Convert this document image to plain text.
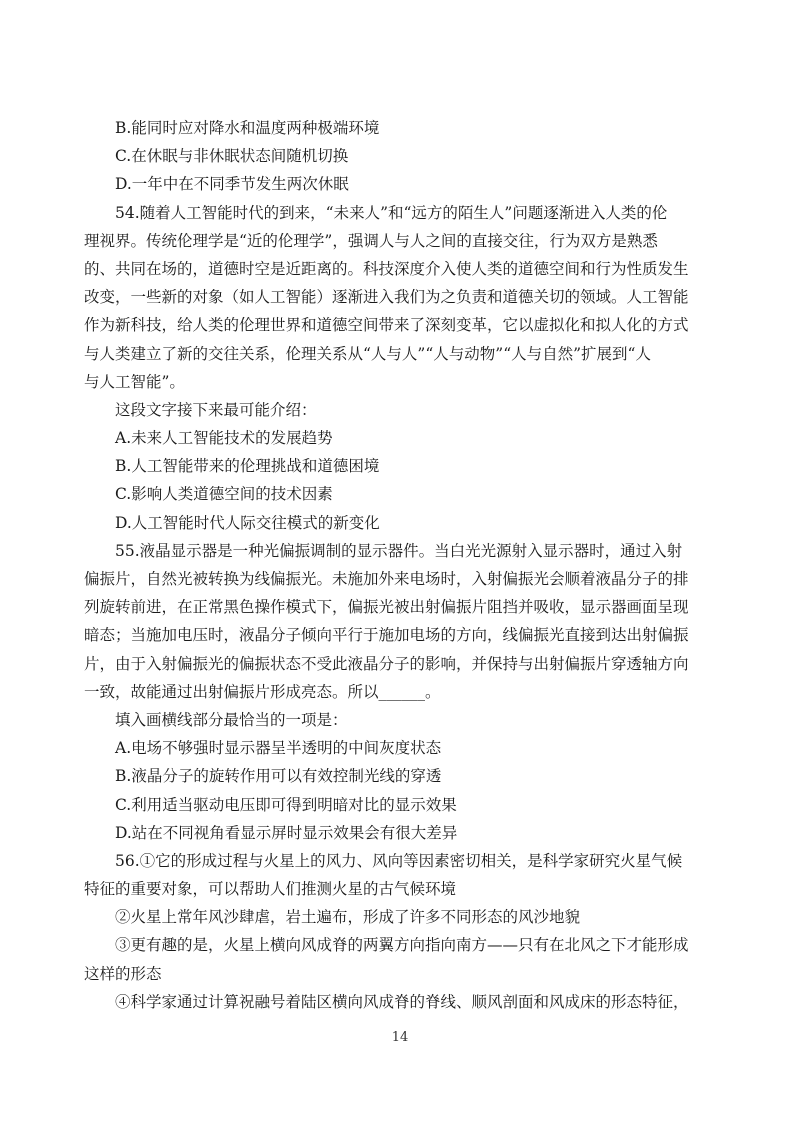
B.能同时应对降水和温度两种极端环境
C.在休眠与非休眠状态间随机切换
D.一年中在不同季节发生两次休眠
54.随着人工智能时代的到来，“未来人”和“远方的陌生人”问题逐渐进入人类的伦
理视界。传统伦理学是“近的伦理学”，强调人与人之间的直接交往，行为双方是熟悉
的、共同在场的，道德时空是近距离的。科技深度介入使人类的道德空间和行为性质发生
改变，一些新的对象（如人工智能）逐渐进入我们为之负责和道德关切的领域。人工智能
作为新科技，给人类的伦理世界和道德空间带来了深刻变革，它以虚拟化和拟人化的方式
与人类建立了新的交往关系，伦理关系从“人与人”“人与动物”“人与自然”扩展到“人
与人工智能”。
这段文字接下来最可能介绍：
A.未来人工智能技术的发展趋势
B.人工智能带来的伦理挑战和道德困境
C.影响人类道德空间的技术因素
D.人工智能时代人际交往模式的新变化
55.液晶显示器是一种光偏振调制的显示器件。当白光光源射入显示器时，通过入射
偏振片，自然光被转换为线偏振光。未施加外来电场时，入射偏振光会顺着液晶分子的排
列旋转前进，在正常黑色操作模式下，偏振光被出射偏振片阻挡并吸收，显示器画面呈现
暗态；当施加电压时，液晶分子倾向平行于施加电场的方向，线偏振光直接到达出射偏振
片，由于入射偏振光的偏振状态不受此液晶分子的影响，并保持与出射偏振片穿透轴方向
一致，故能通过出射偏振片形成亮态。所以______。
填入画横线部分最恰当的一项是：
A.电场不够强时显示器呈半透明的中间灰度状态
B.液晶分子的旋转作用可以有效控制光线的穿透
C.利用适当驱动电压即可得到明暗对比的显示效果
D.站在不同视角看显示屏时显示效果会有很大差异
56.①它的形成过程与火星上的风力、风向等因素密切相关，是科学家研究火星气候
特征的重要对象，可以帮助人们推测火星的古气候环境
②火星上常年风沙肆虐，岩土遍布，形成了许多不同形态的风沙地貌
③更有趣的是，火星上横向风成脊的两翼方向指向南方——只有在北风之下才能形成
这样的形态
④科学家通过计算祝融号着陆区横向风成脊的脊线、顺风剖面和风成床的形态特征，
14
